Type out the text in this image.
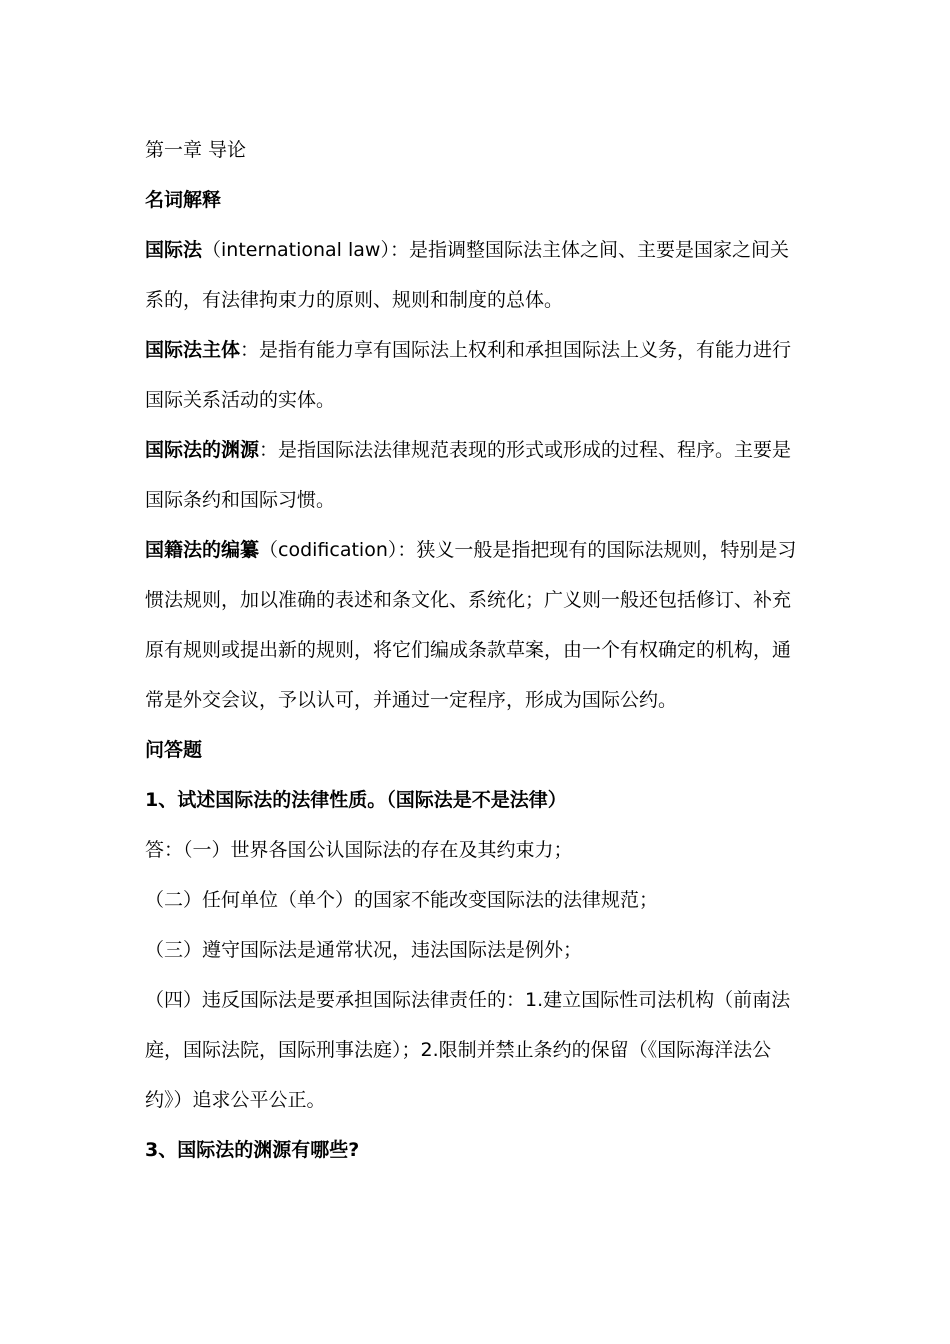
第一章 导论
名词解释
国际法（international law）：是指调整国际法主体之间、主要是国家之间关
系的，有法律拘束力的原则、规则和制度的总体。
国际法主体：是指有能力享有国际法上权利和承担国际法上义务，有能力进行
国际关系活动的实体。
国际法的渊源：是指国际法法律规范表现的形式或形成的过程、程序。主要是
国际条约和国际习惯。
国籍法的编纂（codification）：狭义一般是指把现有的国际法规则，特别是习
惯法规则，加以准确的表述和条文化、系统化；广义则一般还包括修订、补充
原有规则或提出新的规则，将它们编成条款草案，由一个有权确定的机构，通
常是外交会议，予以认可，并通过一定程序，形成为国际公约。
问答题
1、试述国际法的法律性质。（国际法是不是法律）
答：（一）世界各国公认国际法的存在及其约束力；
（二）任何单位（单个）的国家不能改变国际法的法律规范；
（三）遵守国际法是通常状况，违法国际法是例外；
（四）违反国际法是要承担国际法律责任的：1.建立国际性司法机构（前南法
庭，国际法院，国际刑事法庭）；2.限制并禁止条约的保留（《国际海洋法公
约》）追求公平公正。
3、国际法的渊源有哪些?
